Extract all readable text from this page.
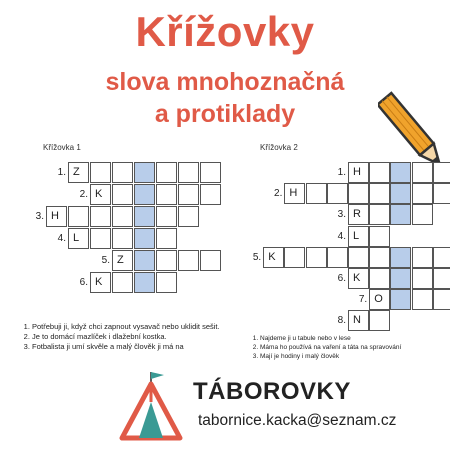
Křížovky
slova mnohoznačná
a protiklady
Křížovka 1
1. Z
2. K
3. H
4. L
5. Z
6. K
Křížovka 2
1. H
2. H
3. R
4. L
5. K
6. K
7. O
8. N
1. Potřebuji ji, když chci zapnout vysavač nebo uklidit sešit.
2. Je to domácí mazlíček i dlažební kostka.
3. Fotbalista ji umí skvěle a malý člověk ji má na
1. Najdeme ji u tabule nebo v lese
2. Máma ho používá na vaření a táta na spravování
3. Mají je hodiny i malý člověk
TÁBOROVKY
tabornice.kacka@seznam.cz
